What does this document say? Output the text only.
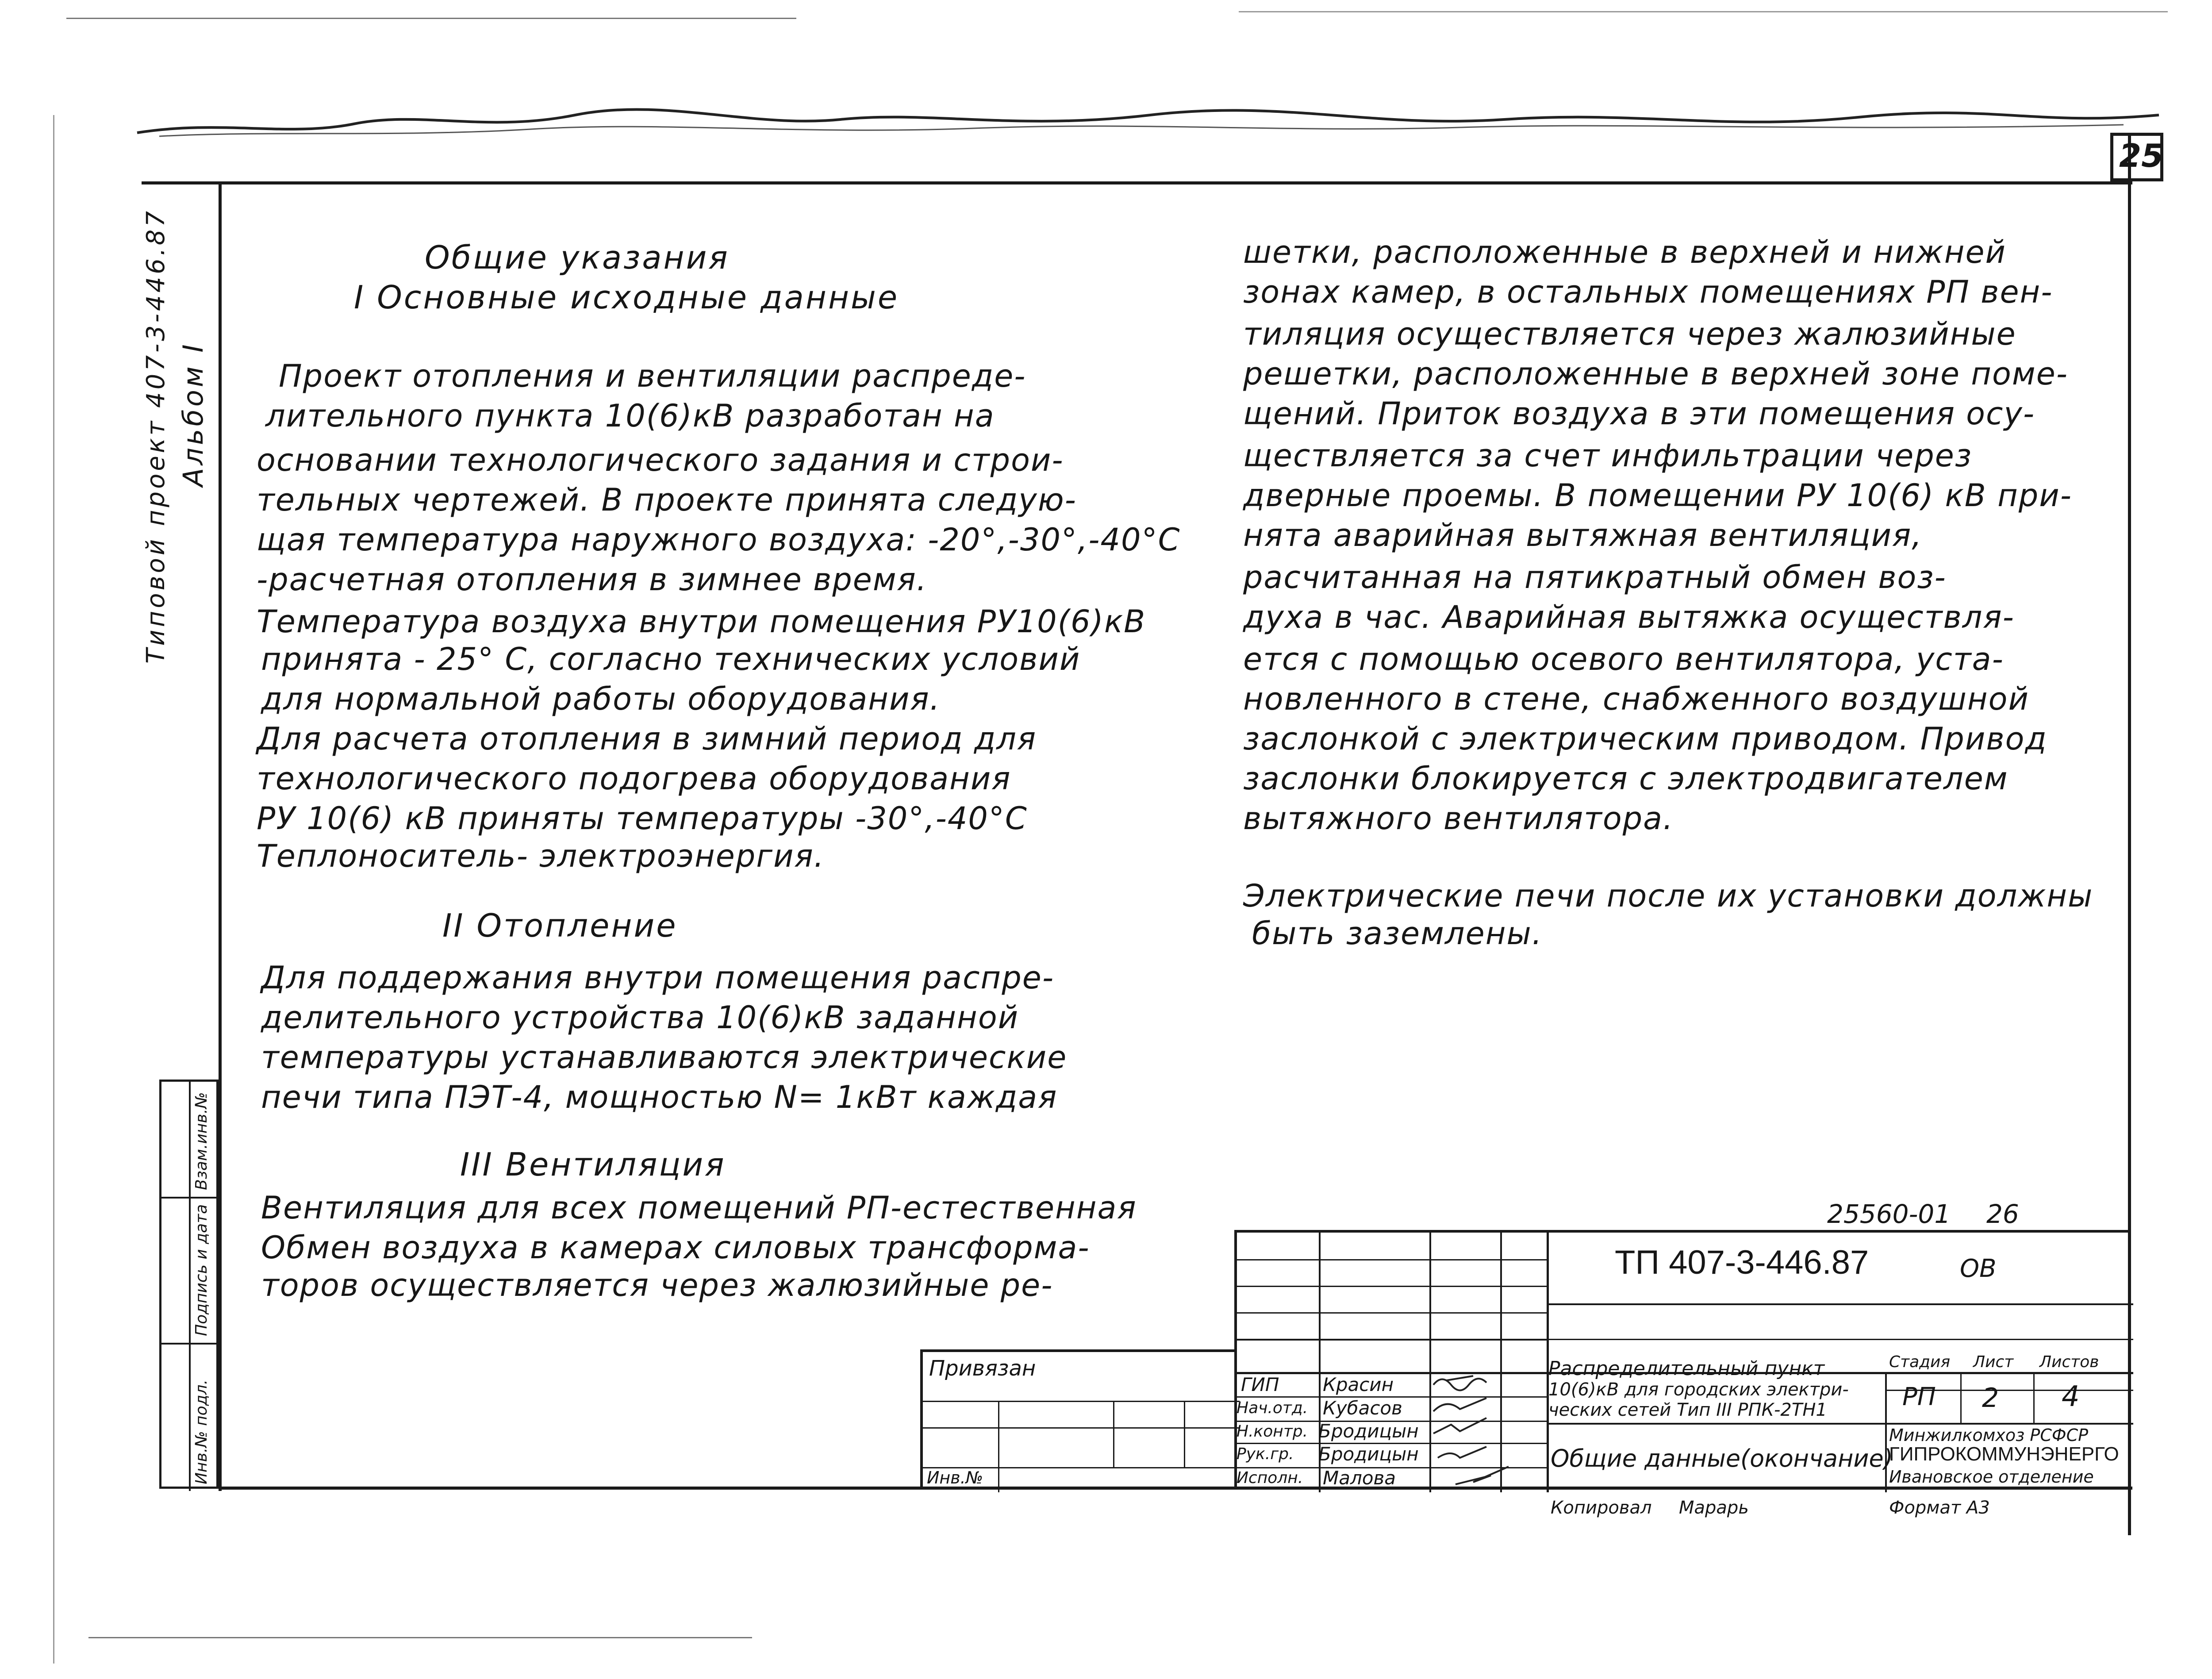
25
Типовой проект 407-3-446.87 Альбом I
Взам.инв.№
Подпись и дата
Инв.№ подл.
Общие указания
I Основные исходные данные
Проект отопления и вентиляции распреде-
лительного пункта 10(6)кВ разработан на
основании технологического задания и строи-
тельных чертежей. В проекте принята следую-
щая температура наружного воздуха: -20°,-30°,-40°С
-расчетная отопления в зимнее время.
Температура воздуха внутри помещения РУ10(6)кВ
принята - 25° С, согласно технических условий
для нормальной работы оборудования.
Для расчета отопления в зимний период для
технологического подогрева оборудования
РУ 10(6) кВ приняты температуры -30°,-40°С
Теплоноситель- электроэнергия.
II Отопление
Для поддержания внутри помещения распре-
делительного устройства 10(6)кВ заданной
температуры устанавливаются электрические
печи типа ПЭТ-4, мощностью N= 1кВт каждая
III Вентиляция
Вентиляция для всех помещений РП-естественная
Обмен воздуха в камерах силовых трансформа-
торов осуществляется через жалюзийные ре-
шетки, расположенные в верхней и нижней
зонах камер, в остальных помещениях РП вен-
тиляция осуществляется через жалюзийные
решетки, расположенные в верхней зоне поме-
щений. Приток воздуха в эти помещения осу-
ществляется за счет инфильтрации через
дверные проемы. В помещении РУ 10(6) кВ при-
нята аварийная вытяжная вентиляция,
расчитанная на пятикратный обмен воз-
духа в час. Аварийная вытяжка осуществля-
ется с помощью осевого вентилятора, уста-
новленного в стене, снабженного воздушной
заслонкой с электрическим приводом. Привод
заслонки блокируется с электродвигателем
вытяжного вентилятора.
Электрические печи после их установки должны
быть заземлены.
25560-01 26
Привязан
Инв.№
ТП 407-3-446.87	ОВ
ГИП Красин
Нач.отд. Кубасов
Н.контр. Бродицын
Рук.гр. Бродицын
Исполн. Малова
Распределительный пункт
10(6)кВ для городских электри-
ческих сетей Тип III РПК-2ТН1
Общие данные(окончание)
Стадия Лист Листов
РП 2 4
Минжилкомхоз РСФСР
ГИПРОКОММУНЭНЕРГО
Ивановское отделение
Копировал Марарь	Формат А3
